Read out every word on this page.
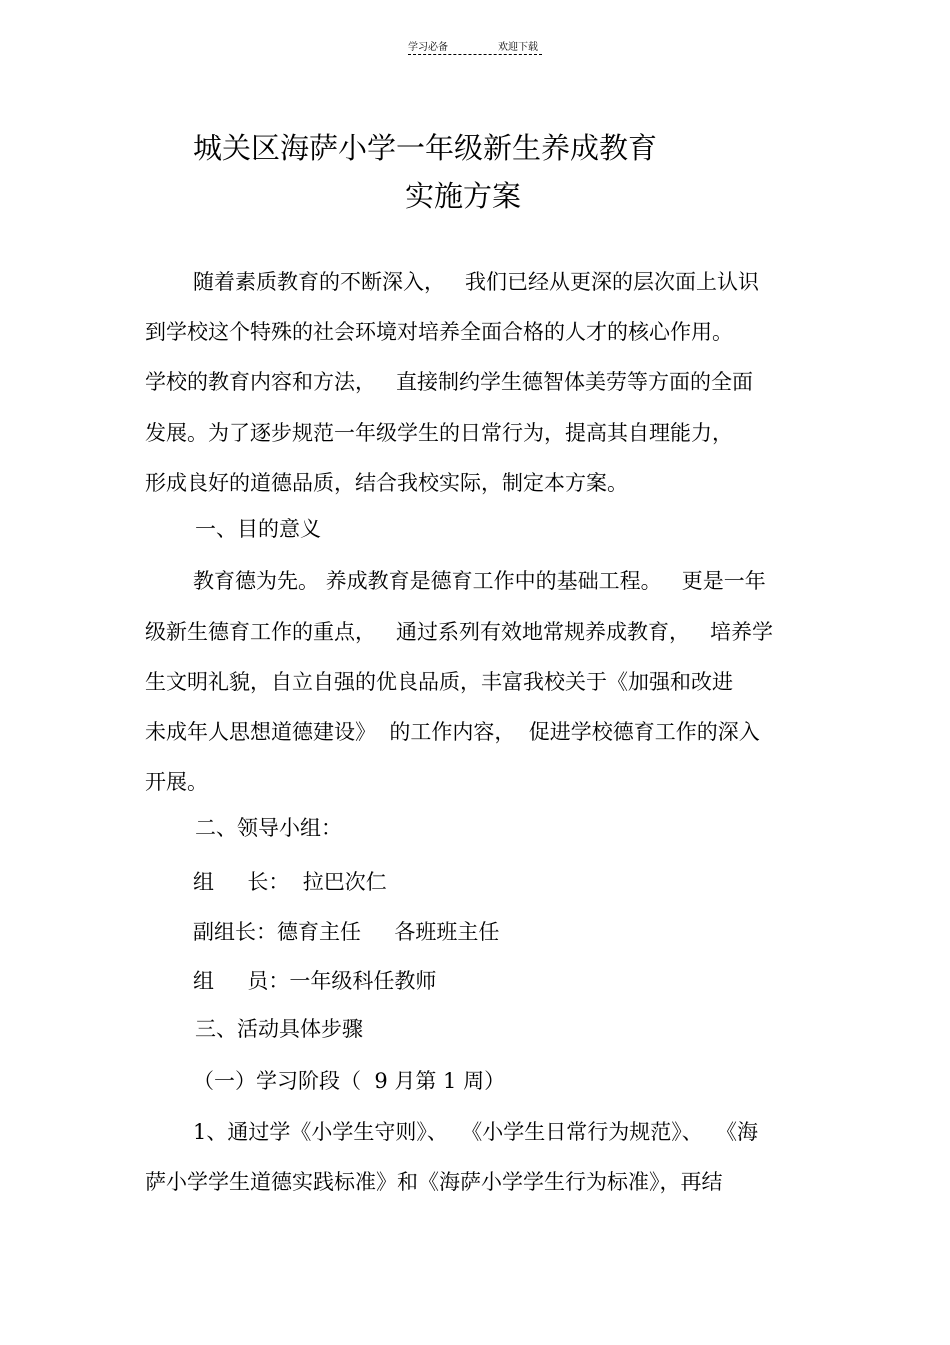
学习必备	欢迎下载
城关区海萨小学一年级新生养成教育
实施方案
随着素质教育的不断深入，   我们已经从更深的层次面上认识
到学校这个特殊的社会环境对培养全面合格的人才的核心作用。
学校的教育内容和方法，   直接制约学生德智体美劳等方面的全面
发展。为了逐步规范一年级学生的日常行为，提高其自理能力，
形成良好的道德品质，结合我校实际，制定本方案。
一、目的意义
教育德为先。 养成教育是德育工作中的基础工程。   更是一年
级新生德育工作的重点，   通过系列有效地常规养成教育，   培养学
生文明礼貌，自立自强的优良品质，丰富我校关于《加强和改进
未成年人思想道德建设》  的工作内容，  促进学校德育工作的深入
开展。
二、领导小组：
组     长：  拉巴次仁
副组长：德育主任     各班班主任
组     员：一年级科任教师
三、活动具体步骤
（一）学习阶段（  9 月第 1 周）
1、通过学《小学生守则》、  《小学生日常行为规范》、  《海
萨小学学生道德实践标准》和《海萨小学学生行为标准》，再结
